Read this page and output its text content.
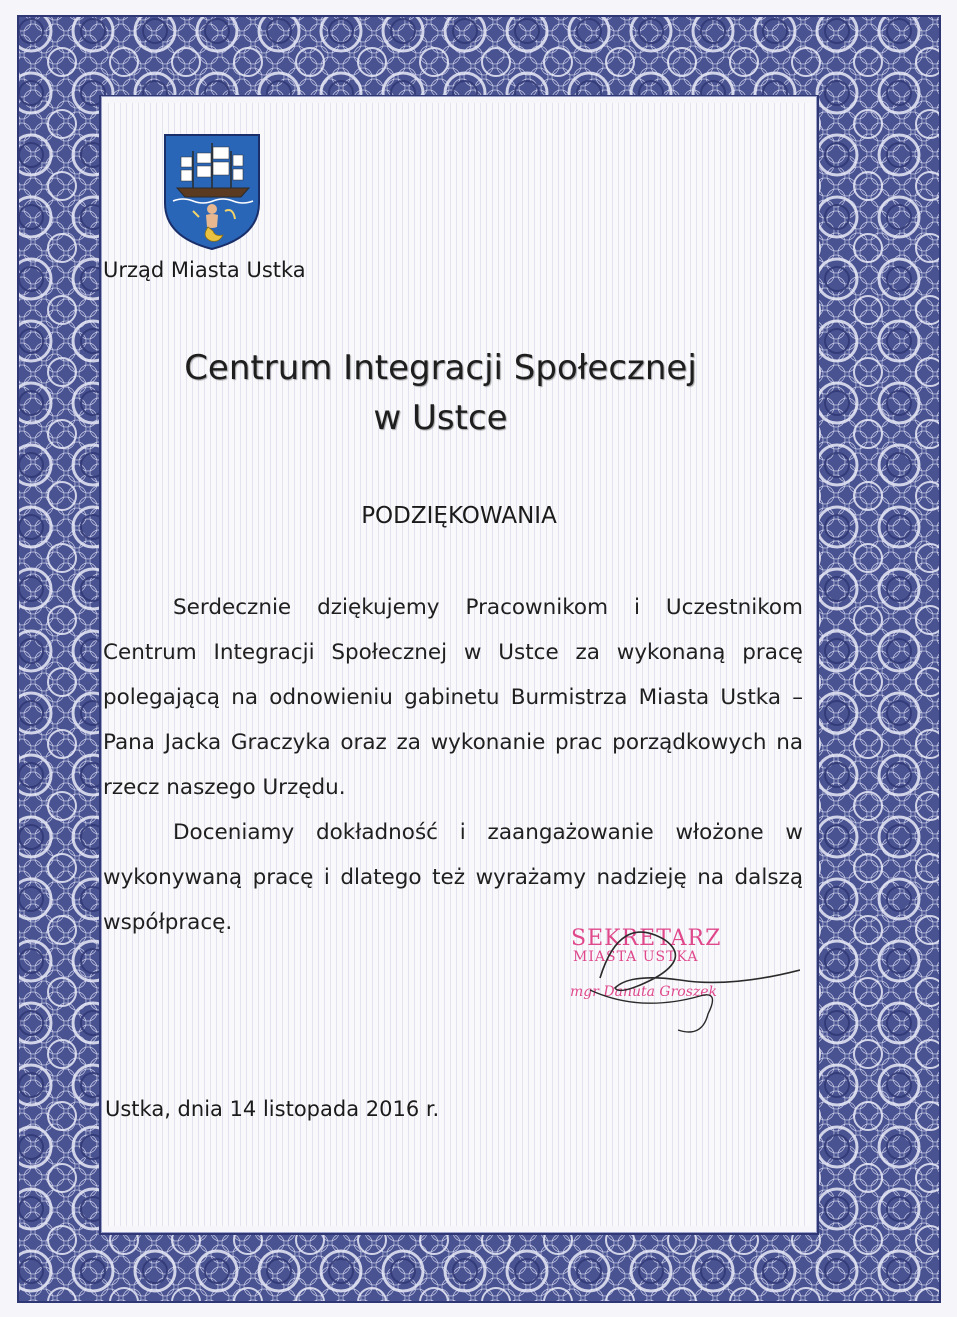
Urząd Miasta Ustka
Centrum Integracji Społecznej
w Ustce
PODZIĘKOWANIA

Serdecznie dziękujemy Pracownikom i Uczestnikom Centrum Integracji Społecznej w Ustce za wykonaną pracę polegającą na odnowieniu gabinetu Burmistrza Miasta Ustka – Pana Jacka Graczyka oraz za wykonanie prac porządkowych na rzecz naszego Urzędu.

Doceniamy dokładność i zaangażowanie włożone w wykonywaną pracę i dlatego też wyrażamy nadzieję na dalszą współpracę.

SEKRETARZ
MIASTA USTKA
mgr Danuta Groszek
Ustka, dnia 14 listopada 2016 r.
